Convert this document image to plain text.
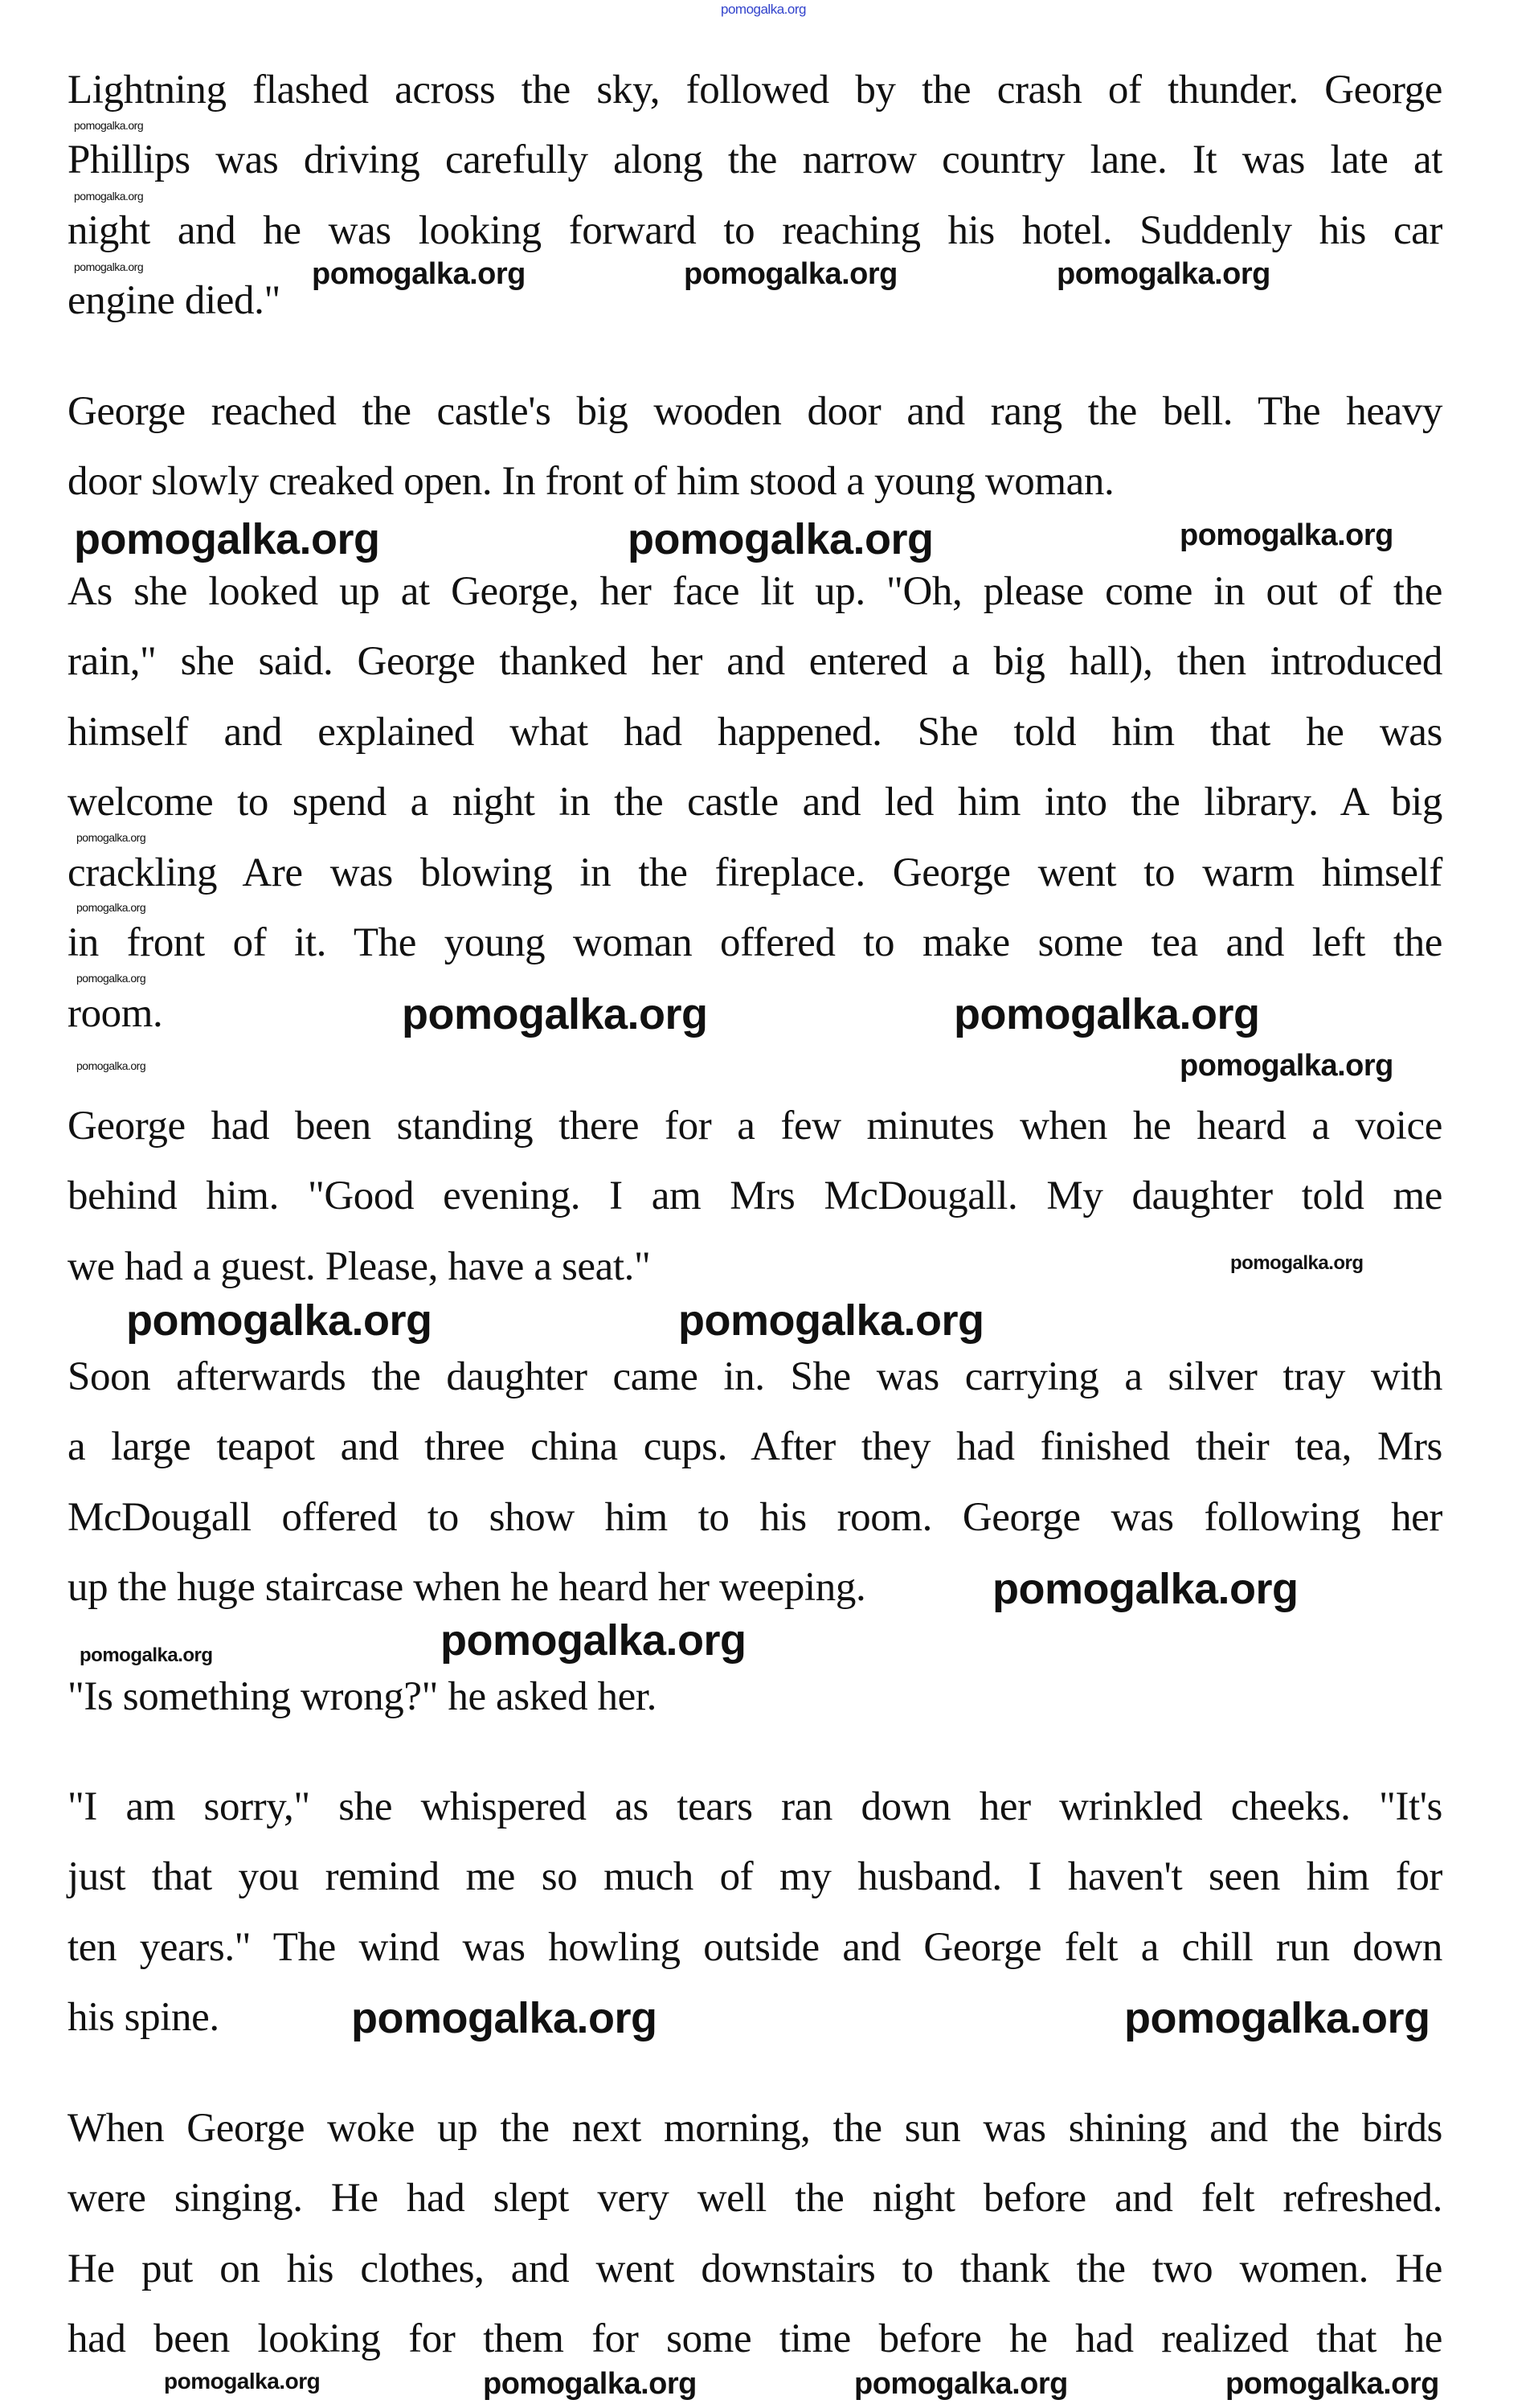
pomogalka.org
Lightning flashed across the sky, followed by the crash of thunder. George
Phillips was driving carefully along the narrow country lane. It was late at
night and he was looking forward to reaching his hotel. Suddenly his car
engine died."
George reached the castle's big wooden door and rang the bell. The heavy
door slowly creaked open. In front of him stood a young woman.
As she looked up at George, her face lit up. "Oh, please come in out of the
rain," she said. George thanked her and entered a big hall), then introduced
himself and explained what had happened. She told him that he was
welcome to spend a night in the castle and led him into the library. A big
crackling Are was blowing in the fireplace. George went to warm himself
in front of it. The young woman offered to make some tea and left the
room.
George had been standing there for a few minutes when he heard a voice
behind him. "Good evening. I am Mrs McDougall. My daughter told me
we had a guest. Please, have a seat."
Soon afterwards the daughter came in. She was carrying a silver tray with
a large teapot and three china cups. After they had finished their tea, Mrs
McDougall offered to show him to his room. George was following her
up the huge staircase when he heard her weeping.
"Is something wrong?" he asked her.
"I am sorry," she whispered as tears ran down her wrinkled cheeks. "It's
just that you remind me so much of my husband. I haven't seen him for
ten years." The wind was howling outside and George felt a chill run down
his spine.
When George woke up the next morning, the sun was shining and the birds
were singing. He had slept very well the night before and felt refreshed.
He put on his clothes, and went downstairs to thank the two women. He
had been looking for them for some time before he had realized that he
pomogalka.org
pomogalka.org
pomogalka.org	pomogalka.org	pomogalka.org	pomogalka.org
pomogalka.org
pomogalka.org	pomogalka.org
pomogalka.org
pomogalka.org
pomogalka.org
pomogalka.org
pomogalka.org
pomogalka.org
pomogalka.org
pomogalka.org
pomogalka.org
pomogalka.org
pomogalka.org
pomogalka.org
pomogalka.org
pomogalka.org	pomogalka.org
pomogalka.org	pomogalka.org	pomogalka.org	pomogalka.org
